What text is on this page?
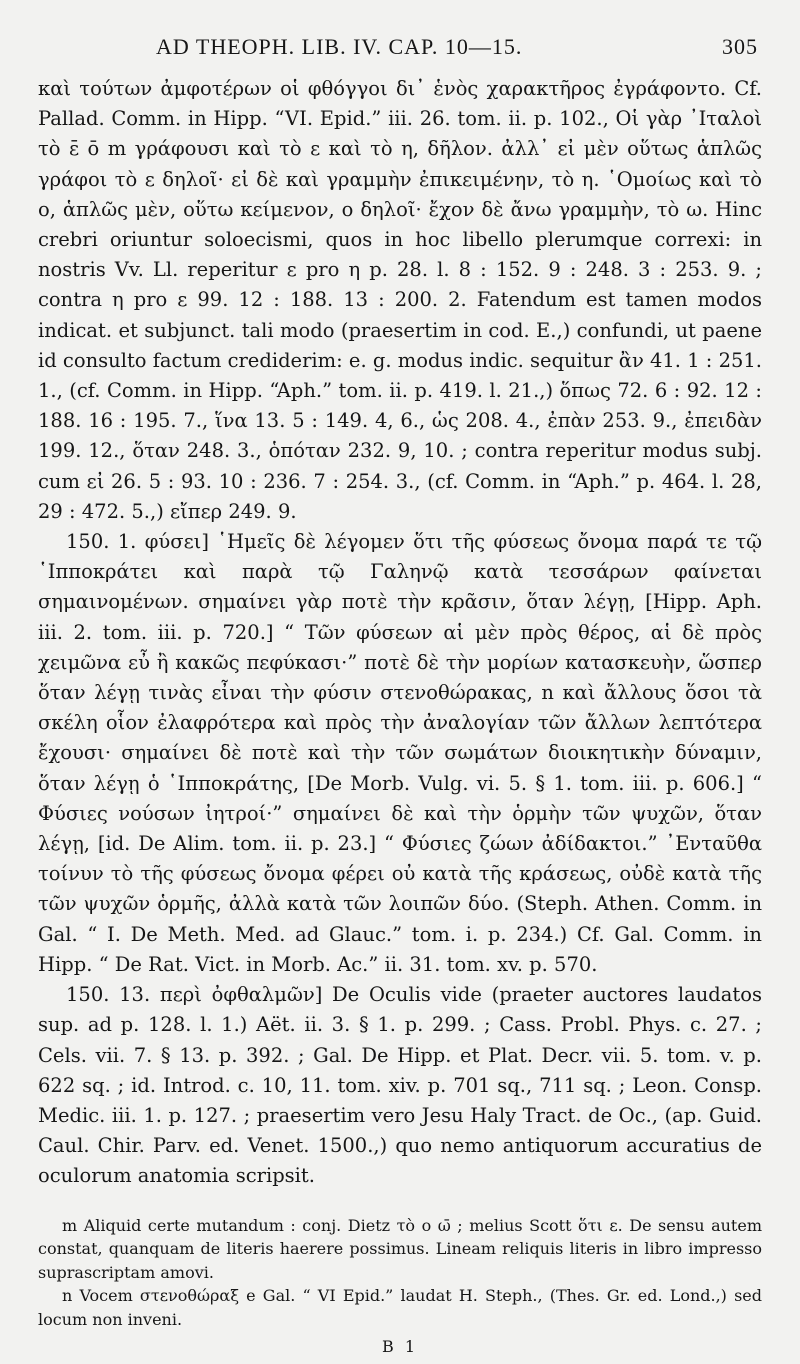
AD THEOPH. LIB. IV. CAP. 10—15.	305

καὶ τούτων ἀμφοτέρων οἱ φθόγγοι δι᾽ ἑνὸς χαρακτῆρος ἐγράφοντο. Cf. Pallad. Comm. in Hipp. “VI. Epid.” iii. 26. tom. ii. p. 102., Οἱ γὰρ ᾽Ιταλοὶ τὸ ε̄ ō m γράφουσι καὶ τὸ ε καὶ τὸ η, δῆλον. ἀλλ᾽ εἰ μὲν οὕτως ἁπλῶς γράφοι τὸ ε δηλοῖ· εἰ δὲ καὶ γραμμὴν ἐπικειμένην, τὸ η. ῾Ομοίως καὶ τὸ ο, ἁπλῶς μὲν, οὕτω κείμενον, ο δηλοῖ· ἔχον δὲ ἄνω γραμμὴν, τὸ ω. Hinc crebri oriuntur soloecismi, quos in hoc libello plerumque correxi: in nostris Vv. Ll. reperitur ε pro η p. 28. l. 8 : 152. 9 : 248. 3 : 253. 9. ; contra η pro ε 99. 12 : 188. 13 : 200. 2. Fatendum est tamen modos indicat. et subjunct. tali modo (praesertim in cod. E.,) confundi, ut paene id consulto factum crediderim: e. g. modus indic. sequitur ἂν 41. 1 : 251. 1., (cf. Comm. in Hipp. “Aph.” tom. ii. p. 419. l. 21.,) ὅπως 72. 6 : 92. 12 : 188. 16 : 195. 7., ἵνα 13. 5 : 149. 4, 6., ὡς 208. 4., ἐπὰν 253. 9., ἐπειδὰν 199. 12., ὅταν 248. 3., ὁπόταν 232. 9, 10. ; contra reperitur modus subj. cum εἰ 26. 5 : 93. 10 : 236. 7 : 254. 3., (cf. Comm. in “Aph.” p. 464. l. 28, 29 : 472. 5.,) εἴπερ 249. 9.

150. 1. φύσει] ῾Ημεῖς δὲ λέγομεν ὅτι τῆς φύσεως ὄνομα παρά τε τῷ ῾Ιπποκράτει καὶ παρὰ τῷ Γαληνῷ κατὰ τεσσάρων φαίνεται σημαινομένων. σημαίνει γὰρ ποτὲ τὴν κρᾶσιν, ὅταν λέγῃ, [Hipp. Aph. iii. 2. tom. iii. p. 720.] “ Τῶν φύσεων αἱ μὲν πρὸς θέρος, αἱ δὲ πρὸς χειμῶνα εὖ ἢ κακῶς πεφύκασι·” ποτὲ δὲ τὴν μορίων κατασκευὴν, ὥσπερ ὅταν λέγῃ τινὰς εἶναι τὴν φύσιν στενοθώρακας, n καὶ ἄλλους ὅσοι τὰ σκέλη οἷον ἐλαφρότερα καὶ πρὸς τὴν ἀναλογίαν τῶν ἄλλων λεπτότερα ἔχουσι· σημαίνει δὲ ποτὲ καὶ τὴν τῶν σωμάτων διοικητικὴν δύναμιν, ὅταν λέγῃ ὁ ῾Ιπποκράτης, [De Morb. Vulg. vi. 5. § 1. tom. iii. p. 606.] “ Φύσιες νούσων ἰητροί·” σημαίνει δὲ καὶ τὴν ὁρμὴν τῶν ψυχῶν, ὅταν λέγῃ, [id. De Alim. tom. ii. p. 23.] “ Φύσιες ζώων ἀδίδακτοι.” ᾽Ενταῦθα τοίνυν τὸ τῆς φύσεως ὄνομα φέρει οὐ κατὰ τῆς κράσεως, οὐδὲ κατὰ τῆς τῶν ψυχῶν ὁρμῆς, ἀλλὰ κατὰ τῶν λοιπῶν δύο. (Steph. Athen. Comm. in Gal. “ I. De Meth. Med. ad Glauc.” tom. i. p. 234.) Cf. Gal. Comm. in Hipp. “ De Rat. Vict. in Morb. Ac.” ii. 31. tom. xv. p. 570.

150. 13. περὶ ὀφθαλμῶν] De Oculis vide (praeter auctores laudatos sup. ad p. 128. l. 1.) Aët. ii. 3. § 1. p. 299. ; Cass. Probl. Phys. c. 27. ; Cels. vii. 7. § 13. p. 392. ; Gal. De Hipp. et Plat. Decr. vii. 5. tom. v. p. 622 sq. ; id. Introd. c. 10, 11. tom. xiv. p. 701 sq., 711 sq. ; Leon. Consp. Medic. iii. 1. p. 127. ; praesertim vero Jesu Haly Tract. de Oc., (ap. Guid. Caul. Chir. Parv. ed. Venet. 1500.,) quo nemo antiquorum accuratius de oculorum anatomia scripsit.

m Aliquid certe mutandum : conj. Dietz τὸ ο ω̄ ; melius Scott ὅτι ε. De sensu autem constat, quanquam de literis haerere possimus. Lineam reliquis literis in libro impresso suprascriptam amovi.

n Vocem στενοθώραξ e Gal. “ VI Epid.” laudat H. Steph., (Thes. Gr. ed. Lond.,) sed locum non inveni.

B 1
